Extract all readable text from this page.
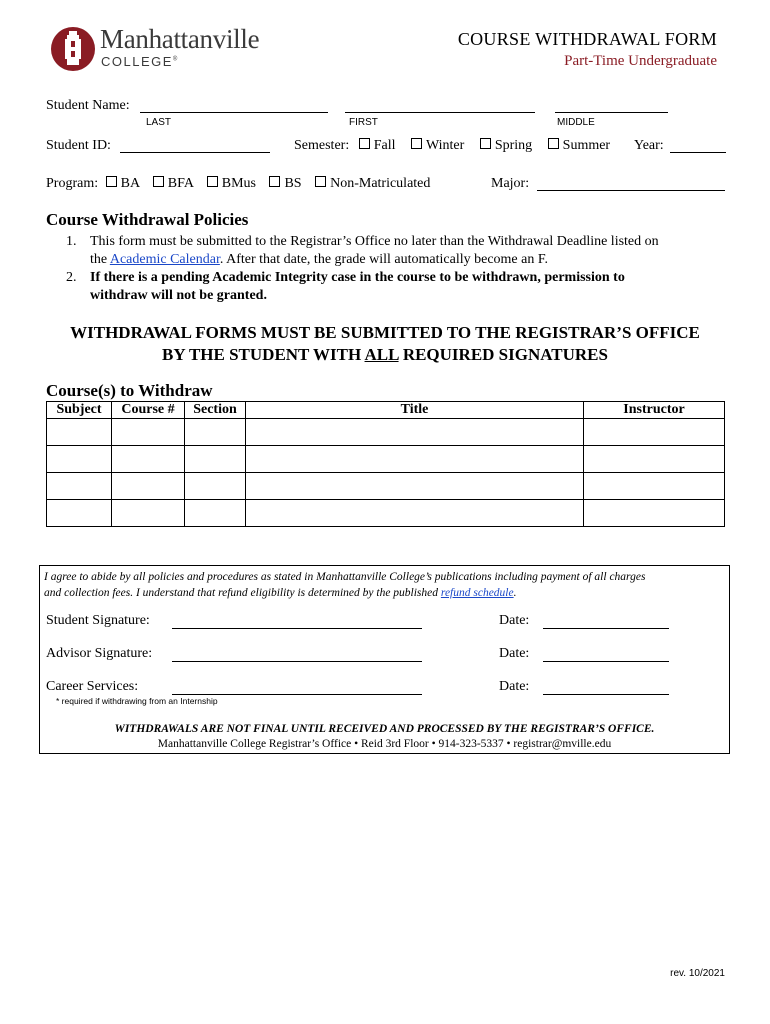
Manhattanville
COLLEGE®
COURSE WITHDRAWAL FORM
Part-Time Undergraduate
Student Name:
LAST	FIRST	MIDDLE
Student ID:	Semester: Fall Winter Spring Summer Year:
Program: BA BFA BMus BS Non-Matriculated	Major:
Course Withdrawal Policies
1. This form must be submitted to the Registrar’s Office no later than the Withdrawal Deadline listed on
the Academic Calendar. After that date, the grade will automatically become an F.
2. If there is a pending Academic Integrity case in the course to be withdrawn, permission to
withdraw will not be granted.
WITHDRAWAL FORMS MUST BE SUBMITTED TO THE REGISTRAR’S OFFICE
BY THE STUDENT WITH ALL REQUIRED SIGNATURES
Course(s) to Withdraw
Subject	Course #	Section	Title	Instructor

I agree to abide by all policies and procedures as stated in Manhattanville College’s publications including payment of all charges
and collection fees. I understand that refund eligibility is determined by the published refund schedule.
Student Signature:	Date:
Advisor Signature:	Date:
Career Services:	Date:
* required if withdrawing from an Internship
WITHDRAWALS ARE NOT FINAL UNTIL RECEIVED AND PROCESSED BY THE REGISTRAR’S OFFICE.
Manhattanville College Registrar’s Office • Reid 3rd Floor • 914-323-5337 • registrar@mville.edu
rev. 10/2021
